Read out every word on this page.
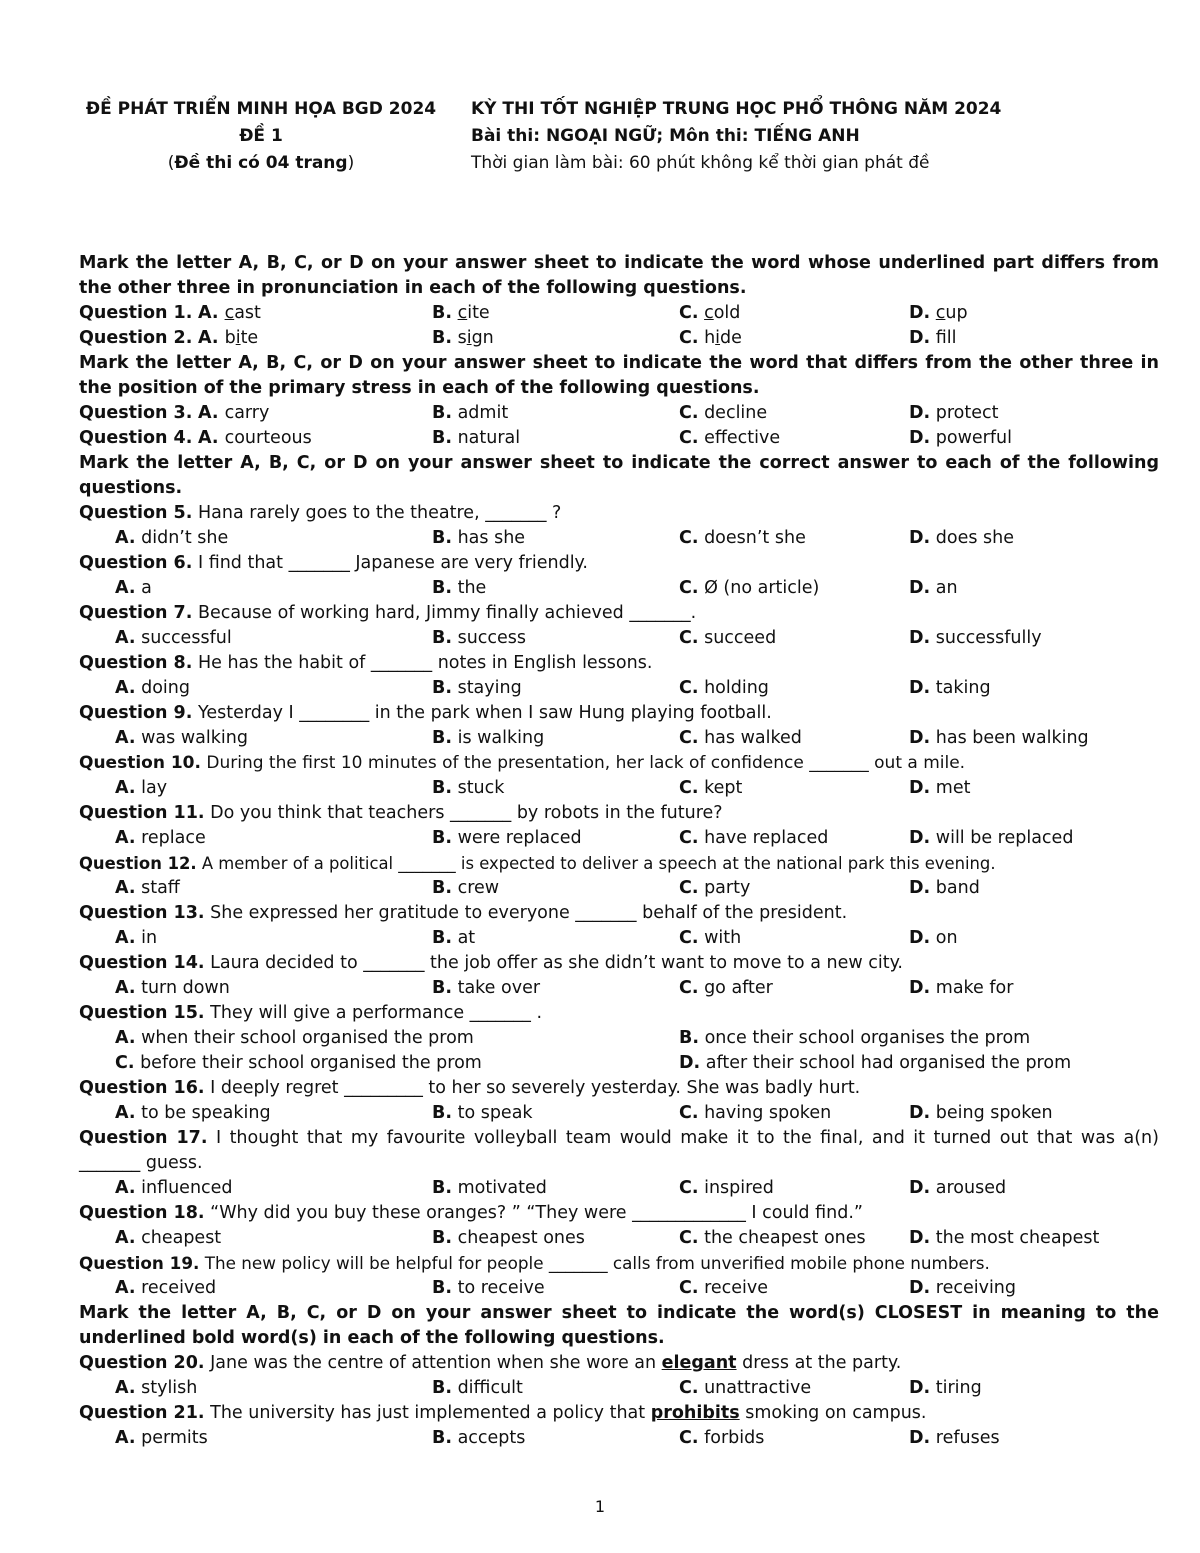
ĐỀ PHÁT TRIỂN MINH HỌA BGD 2024
ĐỀ 1
(Đề thi có 04 trang)
KỲ THI TỐT NGHIỆP TRUNG HỌC PHỔ THÔNG NĂM 2024
Bài thi: NGOẠI NGỮ; Môn thi: TIẾNG ANH
Thời gian làm bài: 60 phút không kể thời gian phát đề
Mark the letter A, B, C, or D on your answer sheet to indicate the word whose underlined part differs from the other three in pronunciation in each of the following questions.
Question 1. A. cast	B. cite	C. cold	D. cup
Question 2. A. bite	B. sign	C. hide	D. fll
Mark the letter A, B, C, or D on your answer sheet to indicate the word that differs from the other three in the position of the primary stress in each of the following questions.
Question 3. A. carry	B. admit	C. decline	D. protect
Question 4. A. courteous	B. natural	C. effective	D. powerful
Mark the letter A, B, C, or D on your answer sheet to indicate the correct answer to each of the following questions.
Question 5. Hana rarely goes to the theatre, _______ ?
A. didn’t she	B. has she	C. doesn’t she	D. does she
Question 6. I find that _______ Japanese are very friendly.
A. a	B. the	C. Ø (no article)	D. an
Question 7. Because of working hard, Jimmy finally achieved _______.
A. successful	B. success	C. succeed	D. successfully
Question 8. He has the habit of _______ notes in English lessons.
A. doing	B. staying	C. holding	D. taking
Question 9. Yesterday I ________ in the park when I saw Hung playing football.
A. was walking	B. is walking	C. has walked	D. has been walking
Question 10. During the first 10 minutes of the presentation, her lack of confidence _______ out a mile.
A. lay	B. stuck	C. kept	D. met
Question 11. Do you think that teachers _______ by robots in the future?
A. replace	B. were replaced	C. have replaced	D. will be replaced
Question 12. A member of a political _______ is expected to deliver a speech at the national park this evening.
A. staff	B. crew	C. party	D. band
Question 13. She expressed her gratitude to everyone _______ behalf of the president.
A. in	B. at	C. with	D. on
Question 14. Laura decided to _______ the job offer as she didn’t want to move to a new city.
A. turn down	B. take over	C. go after	D. make for
Question 15. They will give a performance _______ .
A. when their school organised the prom	B. once their school organises the prom
C. before their school organised the prom	D. after their school had organised the prom
Question 16. I deeply regret _________ to her so severely yesterday. She was badly hurt.
A. to be speaking	B. to speak	C. having spoken	D. being spoken
Question 17. I thought that my favourite volleyball team would make it to the final, and it turned out that was a(n) _______ guess.
A. influenced	B. motivated	C. inspired	D. aroused
Question 18. “Why did you buy these oranges? ” “They were _____________ I could find.”
A. cheapest	B. cheapest ones	C. the cheapest ones D. the most cheapest
Question 19. The new policy will be helpful for people _______ calls from unverified mobile phone numbers.
A. received	B. to receive	C. receive	D. receiving
Mark the letter A, B, C, or D on your answer sheet to indicate the word(s) CLOSEST in meaning to the underlined bold word(s) in each of the following questions.
Question 20. Jane was the centre of attention when she wore an elegant dress at the party.
A. stylish	B. difficult	C. unattractive	D. tiring
Question 21. The university has just implemented a policy that prohibits smoking on campus.
A. permits	B. accepts	C. forbids	D. refuses
1
